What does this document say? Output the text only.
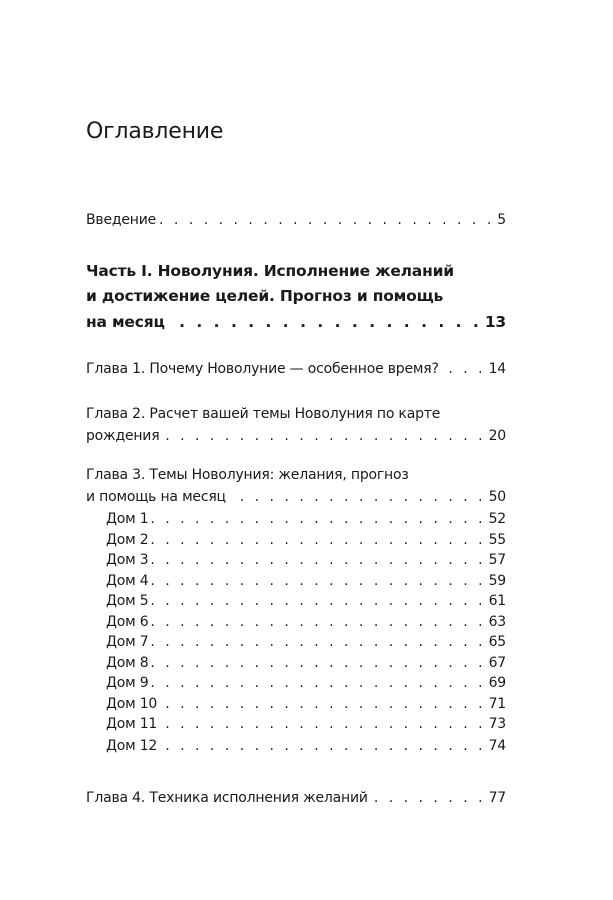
Оглавление
Введение . . .	5
Часть I. Новолуния. Исполнение желаний
и достижение целей. Прогноз и помощь
на месяц . . .	13
Глава 1. Почему Новолуние — особенное время? . . .	14
Глава 2. Расчет вашей темы Новолуния по карте
рождения . . .	20
Глава 3. Темы Новолуния: желания, прогноз
и помощь на месяц . . .	50
Дом 1 . . .	52
Дом 2 . . .	55
Дом 3 . . .	57
Дом 4 . . .	59
Дом 5 . . .	61
Дом 6 . . .	63
Дом 7 . . .	65
Дом 8 . . .	67
Дом 9 . . .	69
Дом 10 . . .	71
Дом 11 . . .	73
Дом 12 . . .	74
Глава 4. Техника исполнения желаний . . .	77
